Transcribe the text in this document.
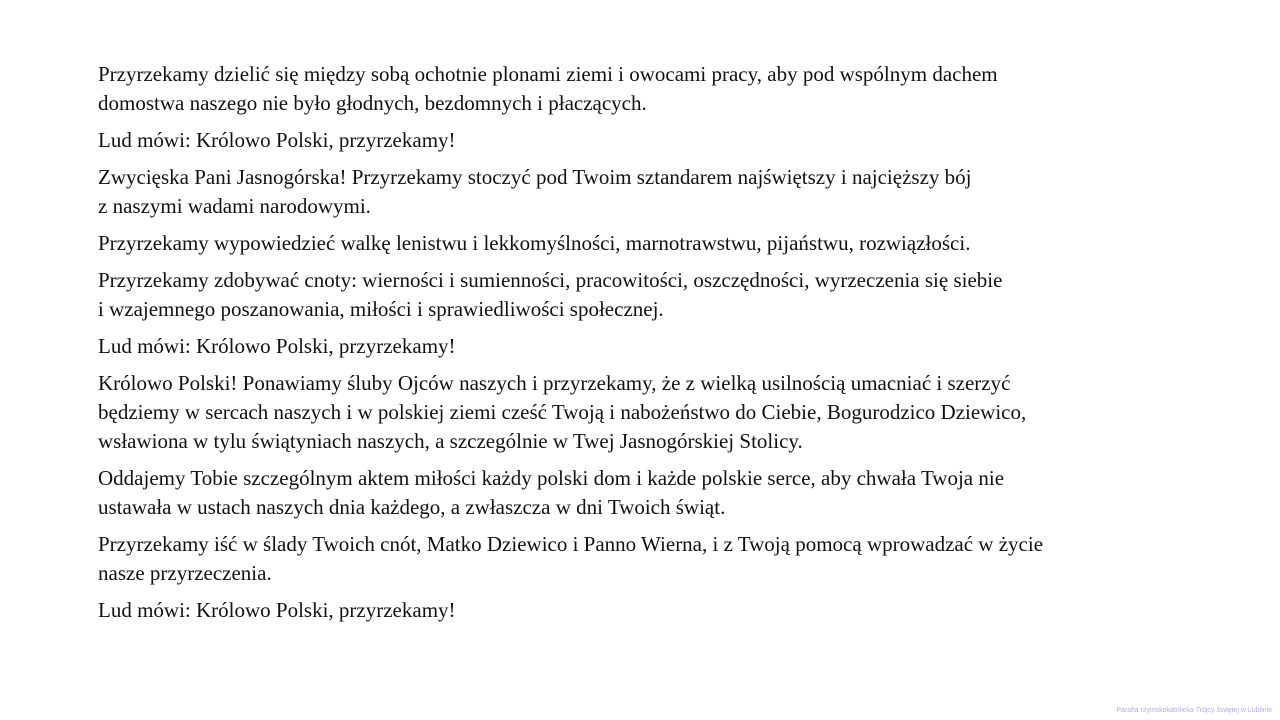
Przyrzekamy dzielić się między sobą ochotnie plonami ziemi i owocami pracy, aby pod wspólnym dachem
domostwa naszego nie było głodnych, bezdomnych i płaczących.

Lud mówi: Królowo Polski, przyrzekamy!

Zwycięska Pani Jasnogórska! Przyrzekamy stoczyć pod Twoim sztandarem najświętszy i najcięższy bój
z naszymi wadami narodowymi.

Przyrzekamy wypowiedzieć walkę lenistwu i lekkomyślności, marnotrawstwu, pijaństwu, rozwiązłości.

Przyrzekamy zdobywać cnoty: wierności i sumienności, pracowitości, oszczędności, wyrzeczenia się siebie
i wzajemnego poszanowania, miłości i sprawiedliwości społecznej.

Lud mówi: Królowo Polski, przyrzekamy!

Królowo Polski! Ponawiamy śluby Ojców naszych i przyrzekamy, że z wielką usilnością umacniać i szerzyć
będziemy w sercach naszych i w polskiej ziemi cześć Twoją i nabożeństwo do Ciebie, Bogurodzico Dziewico,
wsławiona w tylu świątyniach naszych, a szczególnie w Twej Jasnogórskiej Stolicy.

Oddajemy Tobie szczególnym aktem miłości każdy polski dom i każde polskie serce, aby chwała Twoja nie
ustawała w ustach naszych dnia każdego, a zwłaszcza w dni Twoich świąt.

Przyrzekamy iść w ślady Twoich cnót, Matko Dziewico i Panno Wierna, i z Twoją pomocą wprowadzać w życie
nasze przyrzeczenia.

Lud mówi: Królowo Polski, przyrzekamy!

Parafia rzymskokatolicka Trójcy Świętej w Lublinie
